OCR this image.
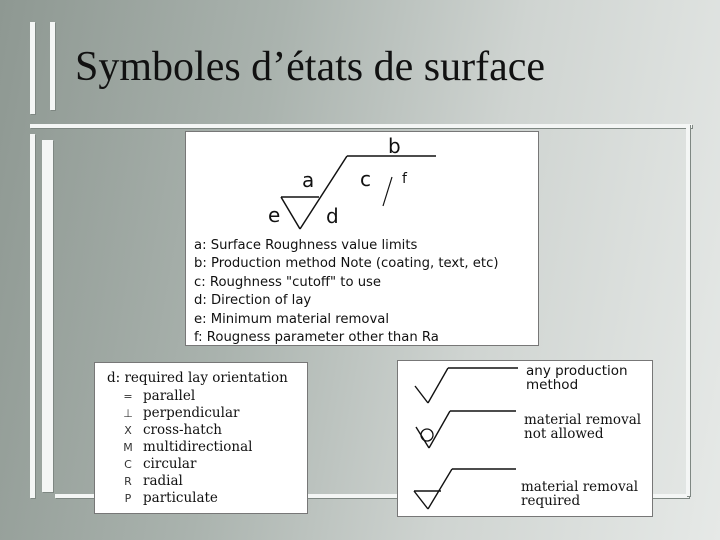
Symboles d’états de surface
b
a c f
e d
a: Surface Roughness value limits
b: Production method Note (coating, text, etc)
c: Roughness "cutoff" to use
d: Direction of lay
e: Minimum material removal
f: Rougness parameter other than Ra
d: required lay orientation
= parallel
⊥ perpendicular
X cross-hatch
M multidirectional
C circular
R radial
P particulate
any production method
material removal not allowed
material removal required
